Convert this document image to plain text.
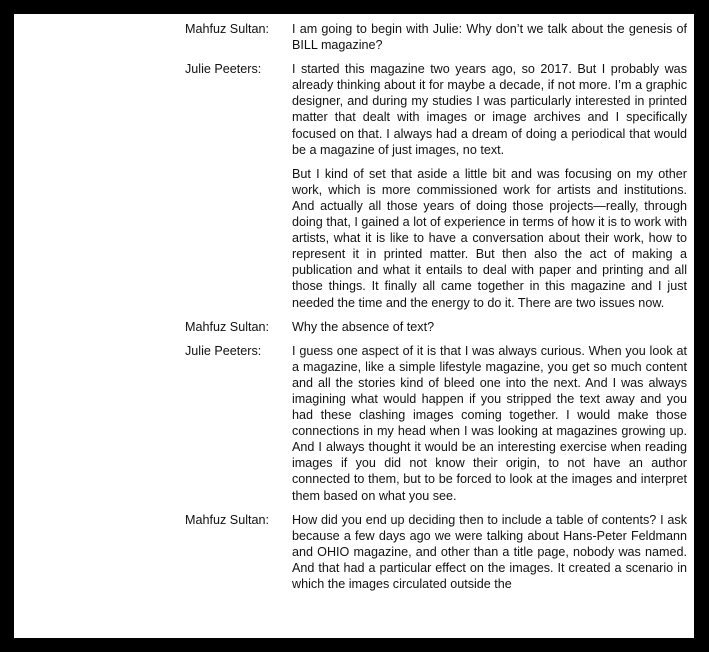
Mahfuz Sultan:	I am going to begin with Julie: Why don’t we talk about the genesis of BILL magazine?

Julie Peeters:	I started this magazine two years ago, so 2017. But I probably was already thinking about it for maybe a decade, if not more. I’m a graphic designer, and during my studies I was particularly interested in printed matter that dealt with images or image archives and I specifically focused on that. I always had a dream of doing a periodical that would be a magazine of just images, no text.

But I kind of set that aside a little bit and was focusing on my other work, which is more commissioned work for artists and institutions. And actually all those years of doing those projects—really, through doing that, I gained a lot of experience in terms of how it is to work with artists, what it is like to have a conversation about their work, how to represent it in printed matter. But then also the act of making a publication and what it entails to deal with paper and printing and all those things. It finally all came together in this magazine and I just needed the time and the energy to do it. There are two issues now.

Mahfuz Sultan:	Why the absence of text?

Julie Peeters:	I guess one aspect of it is that I was always curious. When you look at a magazine, like a simple lifestyle magazine, you get so much content and all the stories kind of bleed one into the next. And I was always imagining what would happen if you stripped the text away and you had these clashing images coming together. I would make those connections in my head when I was looking at magazines growing up. And I always thought it would be an interesting exercise when reading images if you did not know their origin, to not have an author connected to them, but to be forced to look at the images and interpret them based on what you see.

Mahfuz Sultan:	How did you end up deciding then to include a table of contents? I ask because a few days ago we were talking about Hans-Peter Feldmann and OHIO magazine, and other than a title page, nobody was named. And that had a particular effect on the images. It created a scenario in which the images circulated outside the
